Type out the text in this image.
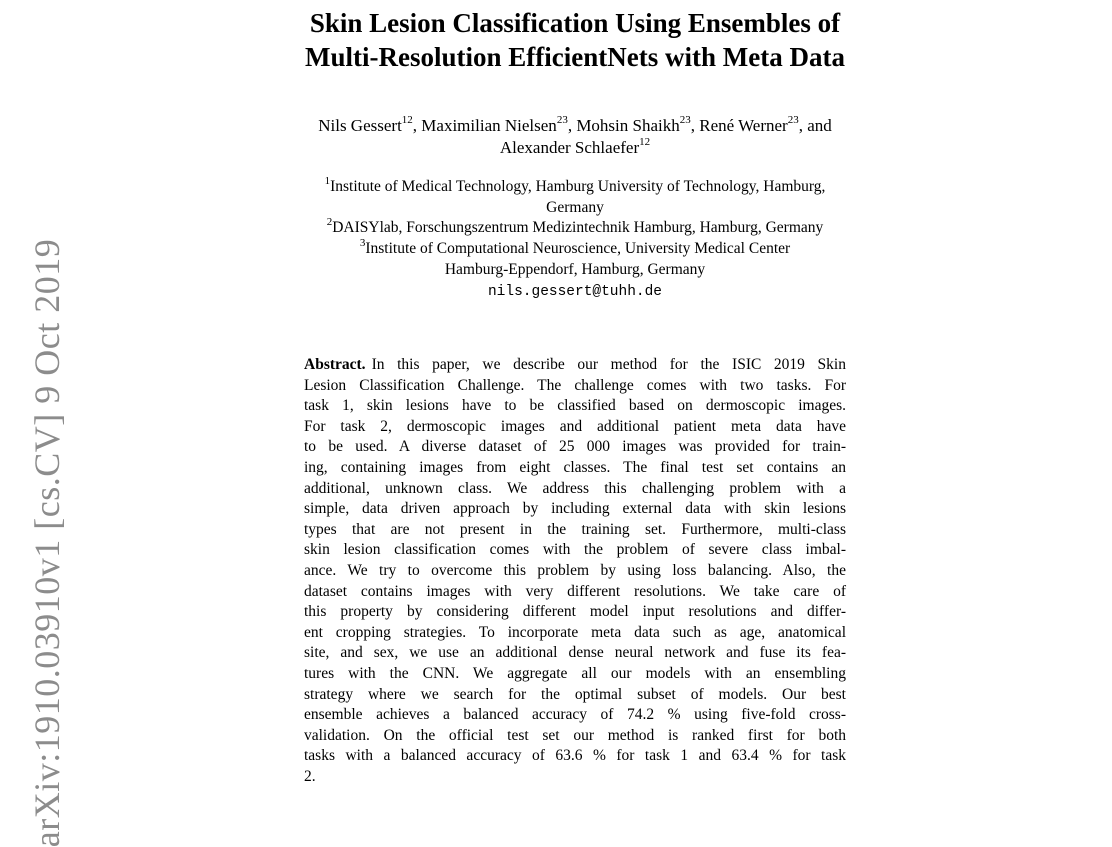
arXiv:1910.03910v1 [cs.CV] 9 Oct 2019
Skin Lesion Classification Using Ensembles of
Multi-Resolution EfficientNets with Meta Data
Nils Gessert$^{12}$, Maximilian Nielsen$^{23}$, Mohsin Shaikh$^{23}$, René Werner$^{23}$, and
Alexander Schlaefer$^{12}$
$^1$Institute of Medical Technology, Hamburg University of Technology, Hamburg,
Germany
$^2$DAISYlab, Forschungszentrum Medizintechnik Hamburg, Hamburg, Germany
$^3$Institute of Computational Neuroscience, University Medical Center
Hamburg-Eppendorf, Hamburg, Germany
nils.gessert@tuhh.de
Abstract. In this paper, we describe our method for the ISIC 2019 Skin
Lesion Classification Challenge. The challenge comes with two tasks. For
task 1, skin lesions have to be classified based on dermoscopic images.
For task 2, dermoscopic images and additional patient meta data have
to be used. A diverse dataset of 25 000 images was provided for train-
ing, containing images from eight classes. The final test set contains an
additional, unknown class. We address this challenging problem with a
simple, data driven approach by including external data with skin lesions
types that are not present in the training set. Furthermore, multi-class
skin lesion classification comes with the problem of severe class imbal-
ance. We try to overcome this problem by using loss balancing. Also, the
dataset contains images with very different resolutions. We take care of
this property by considering different model input resolutions and differ-
ent cropping strategies. To incorporate meta data such as age, anatomical
site, and sex, we use an additional dense neural network and fuse its fea-
tures with the CNN. We aggregate all our models with an ensembling
strategy where we search for the optimal subset of models. Our best
ensemble achieves a balanced accuracy of 74.2 % using five-fold cross-
validation. On the official test set our method is ranked first for both
tasks with a balanced accuracy of 63.6 % for task 1 and 63.4 % for task
2.
